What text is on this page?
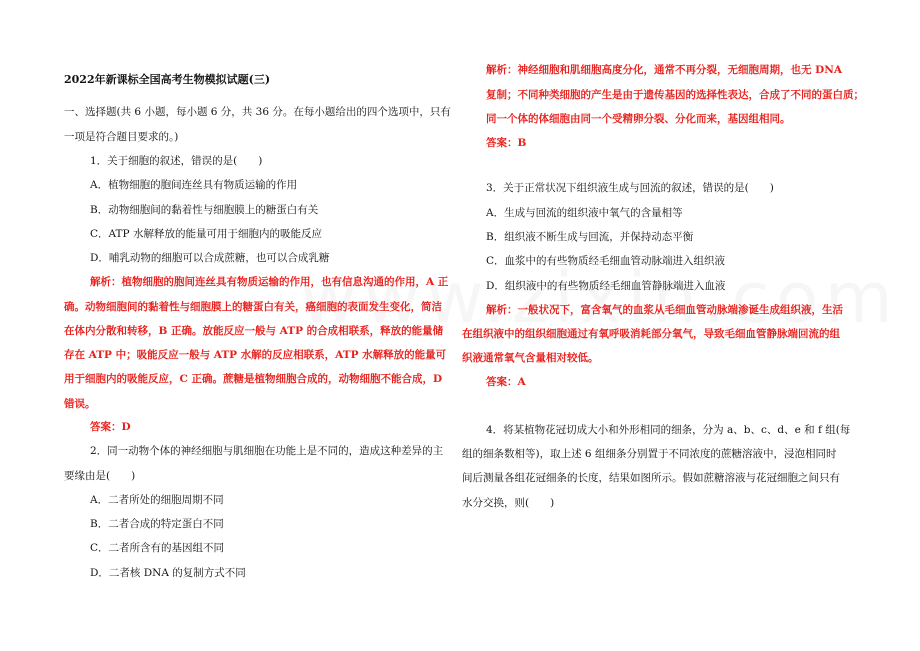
2022年新课标全国高考生物模拟试题(三)
一、选择题(共 6 小题，每小题 6 分，共 36 分。在每小题给出的四个选项中，只有
一项是符合题目要求的。)
1．关于细胞的叙述，错误的是(　　)
A．植物细胞的胞间连丝具有物质运输的作用
B．动物细胞间的黏着性与细胞膜上的糖蛋白有关
C．ATP 水解释放的能量可用于细胞内的吸能反应
D．哺乳动物的细胞可以合成蔗糖，也可以合成乳糖
解析：植物细胞的胞间连丝具有物质运输的作用，也有信息沟通的作用，A 正
确。动物细胞间的黏着性与细胞膜上的糖蛋白有关，癌细胞的表面发生变化，简洁
在体内分散和转移，B 正确。放能反应一般与 ATP 的合成相联系，释放的能量储
存在 ATP 中；吸能反应一般与 ATP 水解的反应相联系，ATP 水解释放的能量可
用于细胞内的吸能反应，C 正确。蔗糖是植物细胞合成的，动物细胞不能合成，D
错误。
答案：D
2．同一动物个体的神经细胞与肌细胞在功能上是不同的，造成这种差异的主
要缘由是(　　)
A．二者所处的细胞周期不同
B．二者合成的特定蛋白不同
C．二者所含有的基因组不同
D．二者核 DNA 的复制方式不同
解析：神经细胞和肌细胞高度分化，通常不再分裂，无细胞周期，也无 DNA
复制；不同种类细胞的产生是由于遗传基因的选择性表达，合成了不同的蛋白质；
同一个体的体细胞由同一个受精卵分裂、分化而来，基因组相同。
答案：B
3．关于正常状况下组织液生成与回流的叙述，错误的是(　　)
A．生成与回流的组织液中氧气的含量相等
B．组织液不断生成与回流，并保持动态平衡
C．血浆中的有些物质经毛细血管动脉端进入组织液
D．组织液中的有些物质经毛细血管静脉端进入血液
解析：一般状况下，富含氧气的血浆从毛细血管动脉端渗诞生成组织液，生活
在组织液中的组织细胞通过有氧呼吸消耗部分氧气，导致毛细血管静脉端回流的组
织液通常氧气含量相对较低。
答案：A
4．将某植物花冠切成大小和外形相同的细条，分为 a、b、c、d、e 和 f 组(每
组的细条数相等)，取上述 6 组细条分别置于不同浓度的蔗糖溶液中，浸泡相同时
间后测量各组花冠细条的长度，结果如图所示。假如蔗糖溶液与花冠细胞之间只有
水分交换，则(　　)
